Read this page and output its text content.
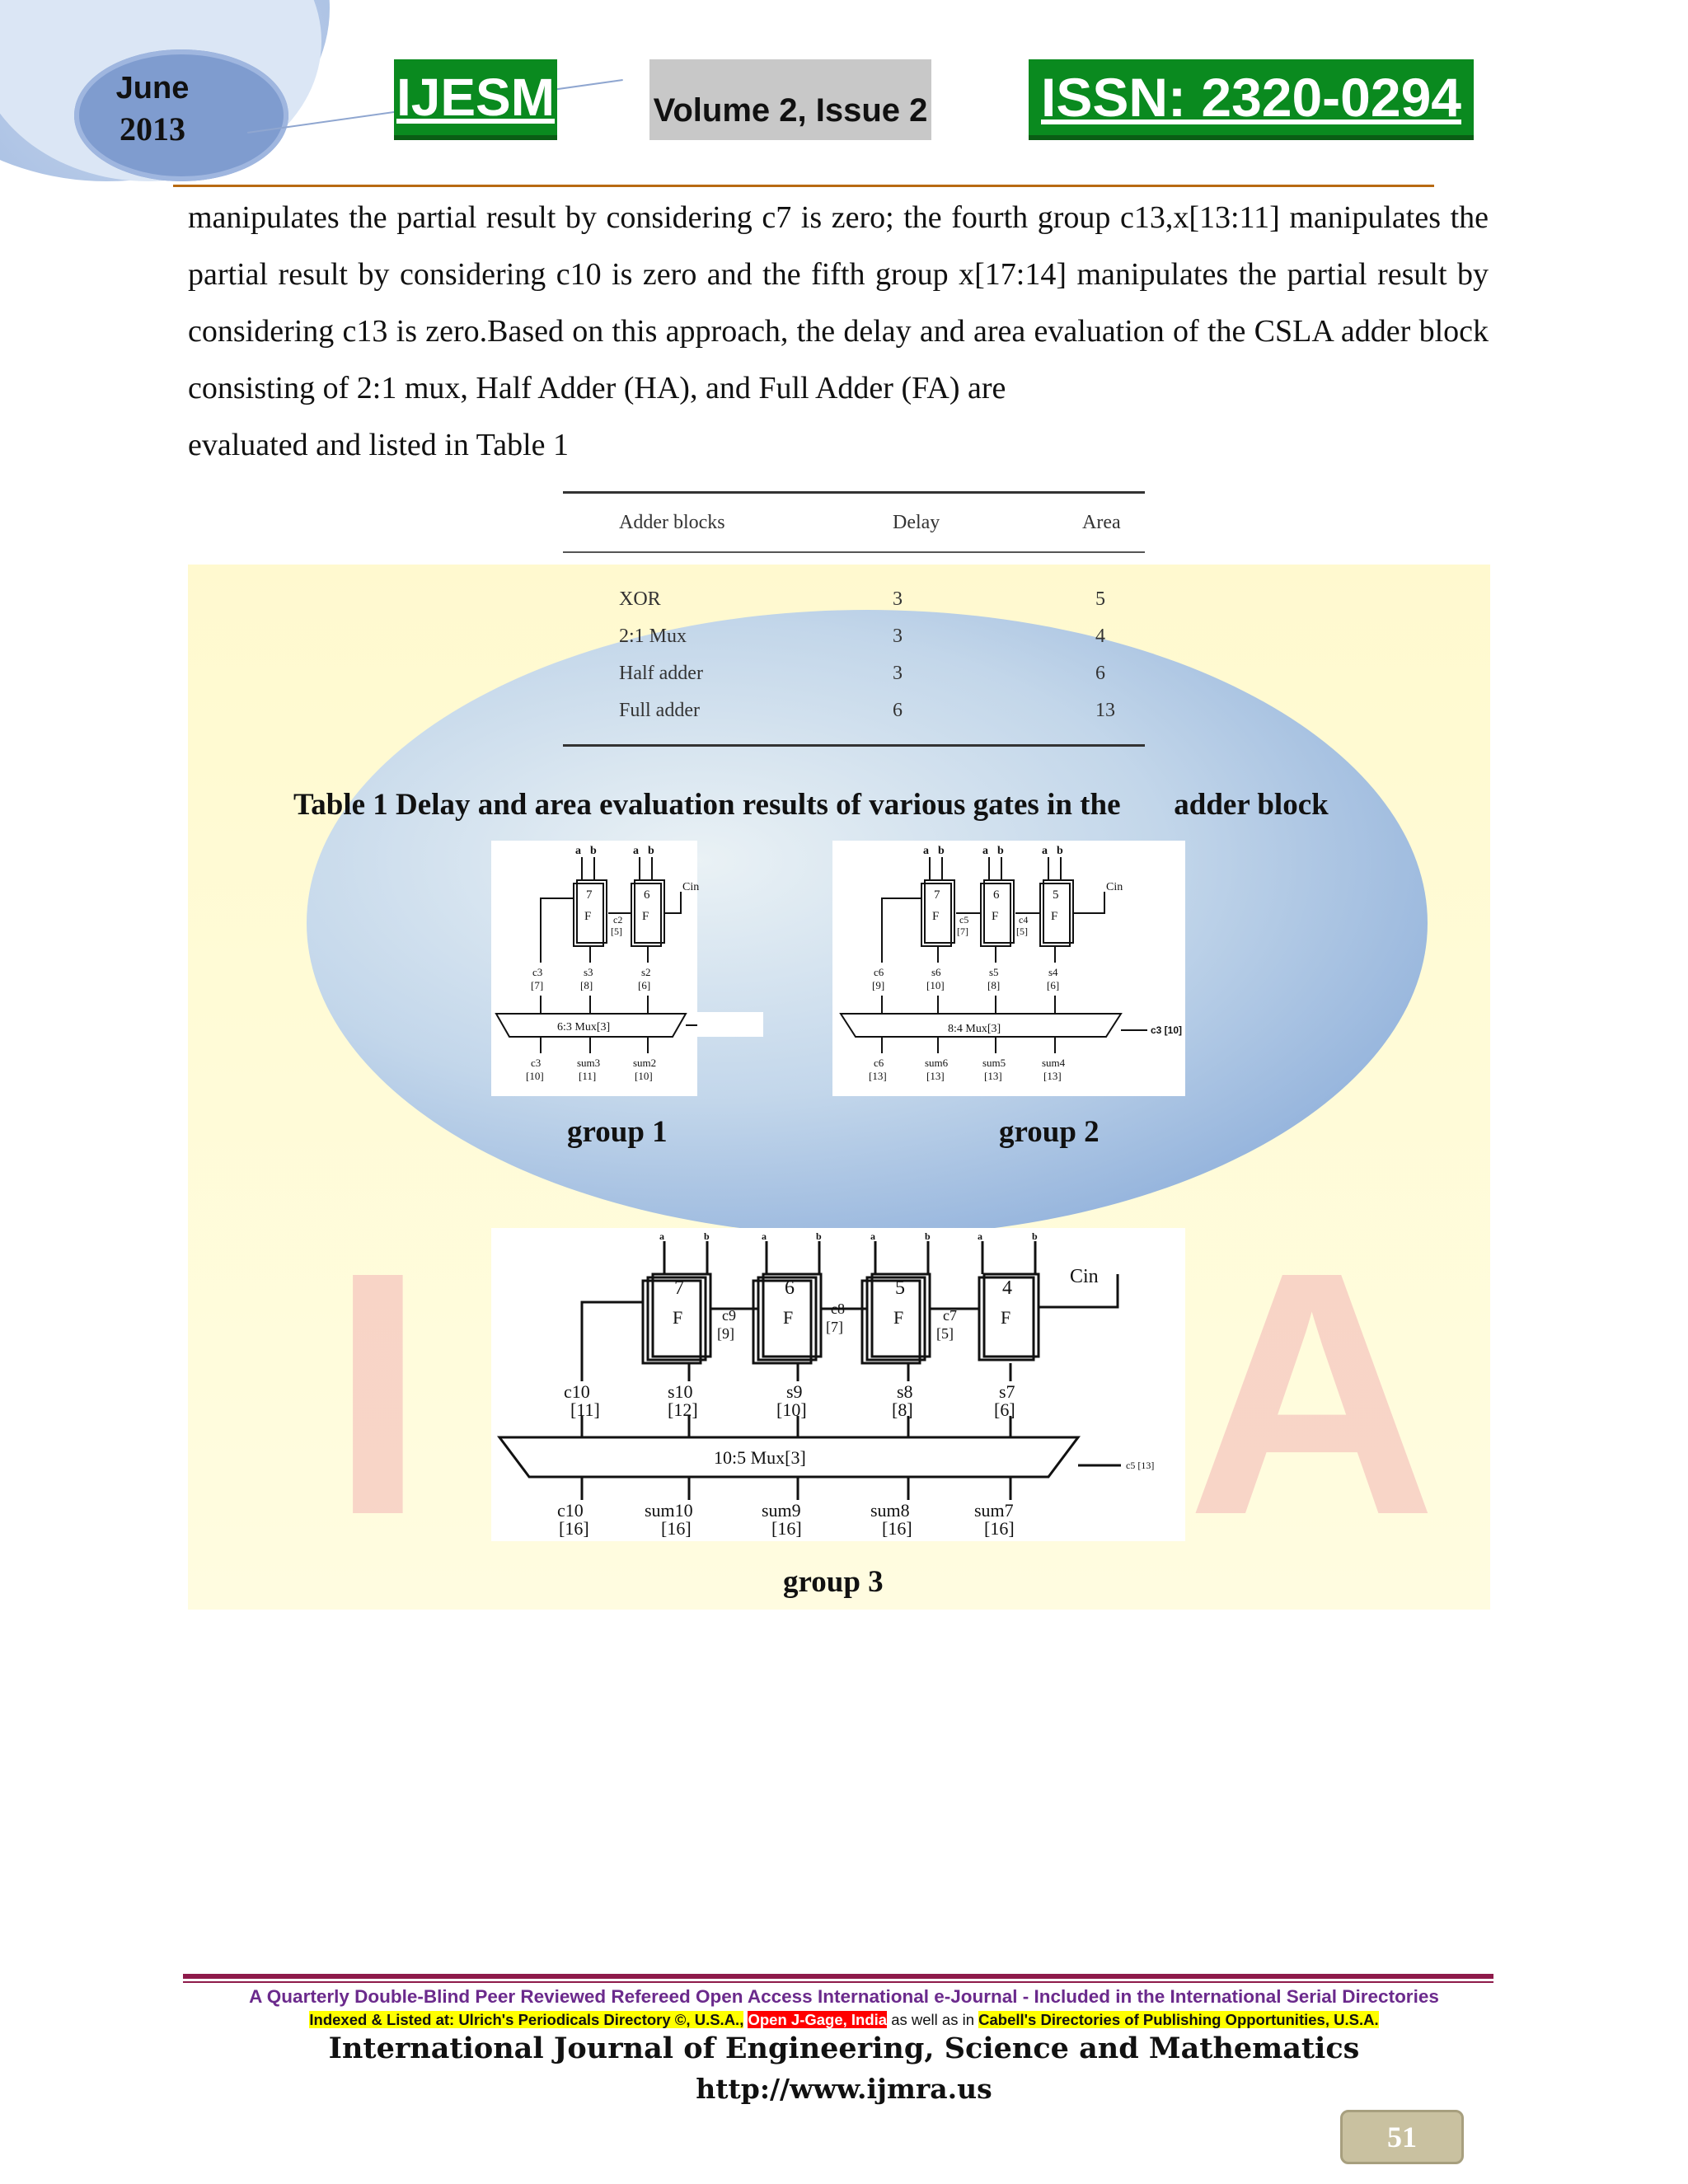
June
2013
IJESM	Volume 2, Issue 2 ISSN: 2320-0294
I A

manipulates the partial result by considering c7 is zero; the fourth group c13,x[13:11] manipulates the partial result by considering c10 is zero and the fifth group x[17:14] manipulates the partial result by considering c13 is zero.Based on this approach, the delay and area evaluation of the CSLA adder block consisting of 2:1 mux, Half Adder (HA), and Full Adder (FA) are

evaluated and listed in Table 1

Adder blocks	Delay	Area
XOR	3	5
2:1 Mux	3	4
Half adder	3	6
Full adder	6	13
Table 1 Delay and area evaluation results of various gates in the       adder block
a b	a b
7
F
6
F
Cin
c2
[5]
c3
[7]
s3
[8]
s2
[6]
6:3 Mux[3]
c3
[10]
sum3
[11]
sum2
[10]
a b	a b	a b
7
F
6
F
5
F
Cin
c5
[7]
c4
[5]
c6
[9]
s6
[10]
s5
[8]
s4
[6]
8:4 Mux[3]	c3 [10]
c6
[13]
sum6
[13]
sum5
[13]
sum4
[13]
group 1	group 2
a	b	a	b	a	b	a	b
7
F
6
F
5
F
4
F
Cin
c9
[9]
c8
[7]
c7
[5]
c10
[11]
s10
[12]
s9
[10]
s8
[8]
s7
[6]
10:5 Mux[3]	c5 [13]
c10
[16]
sum10
[16]
sum9
[16]
sum8
[16]
sum7
[16]
group 3
A Quarterly Double-Blind Peer Reviewed Refereed Open Access International e-Journal - Included in the International Serial Directories
Indexed & Listed at: Ulrich's Periodicals Directory ©, U.S.A., Open J-Gage, India as well as in Cabell's Directories of Publishing Opportunities, U.S.A.
International Journal of Engineering, Science and Mathematics
http://www.ijmra.us
51
